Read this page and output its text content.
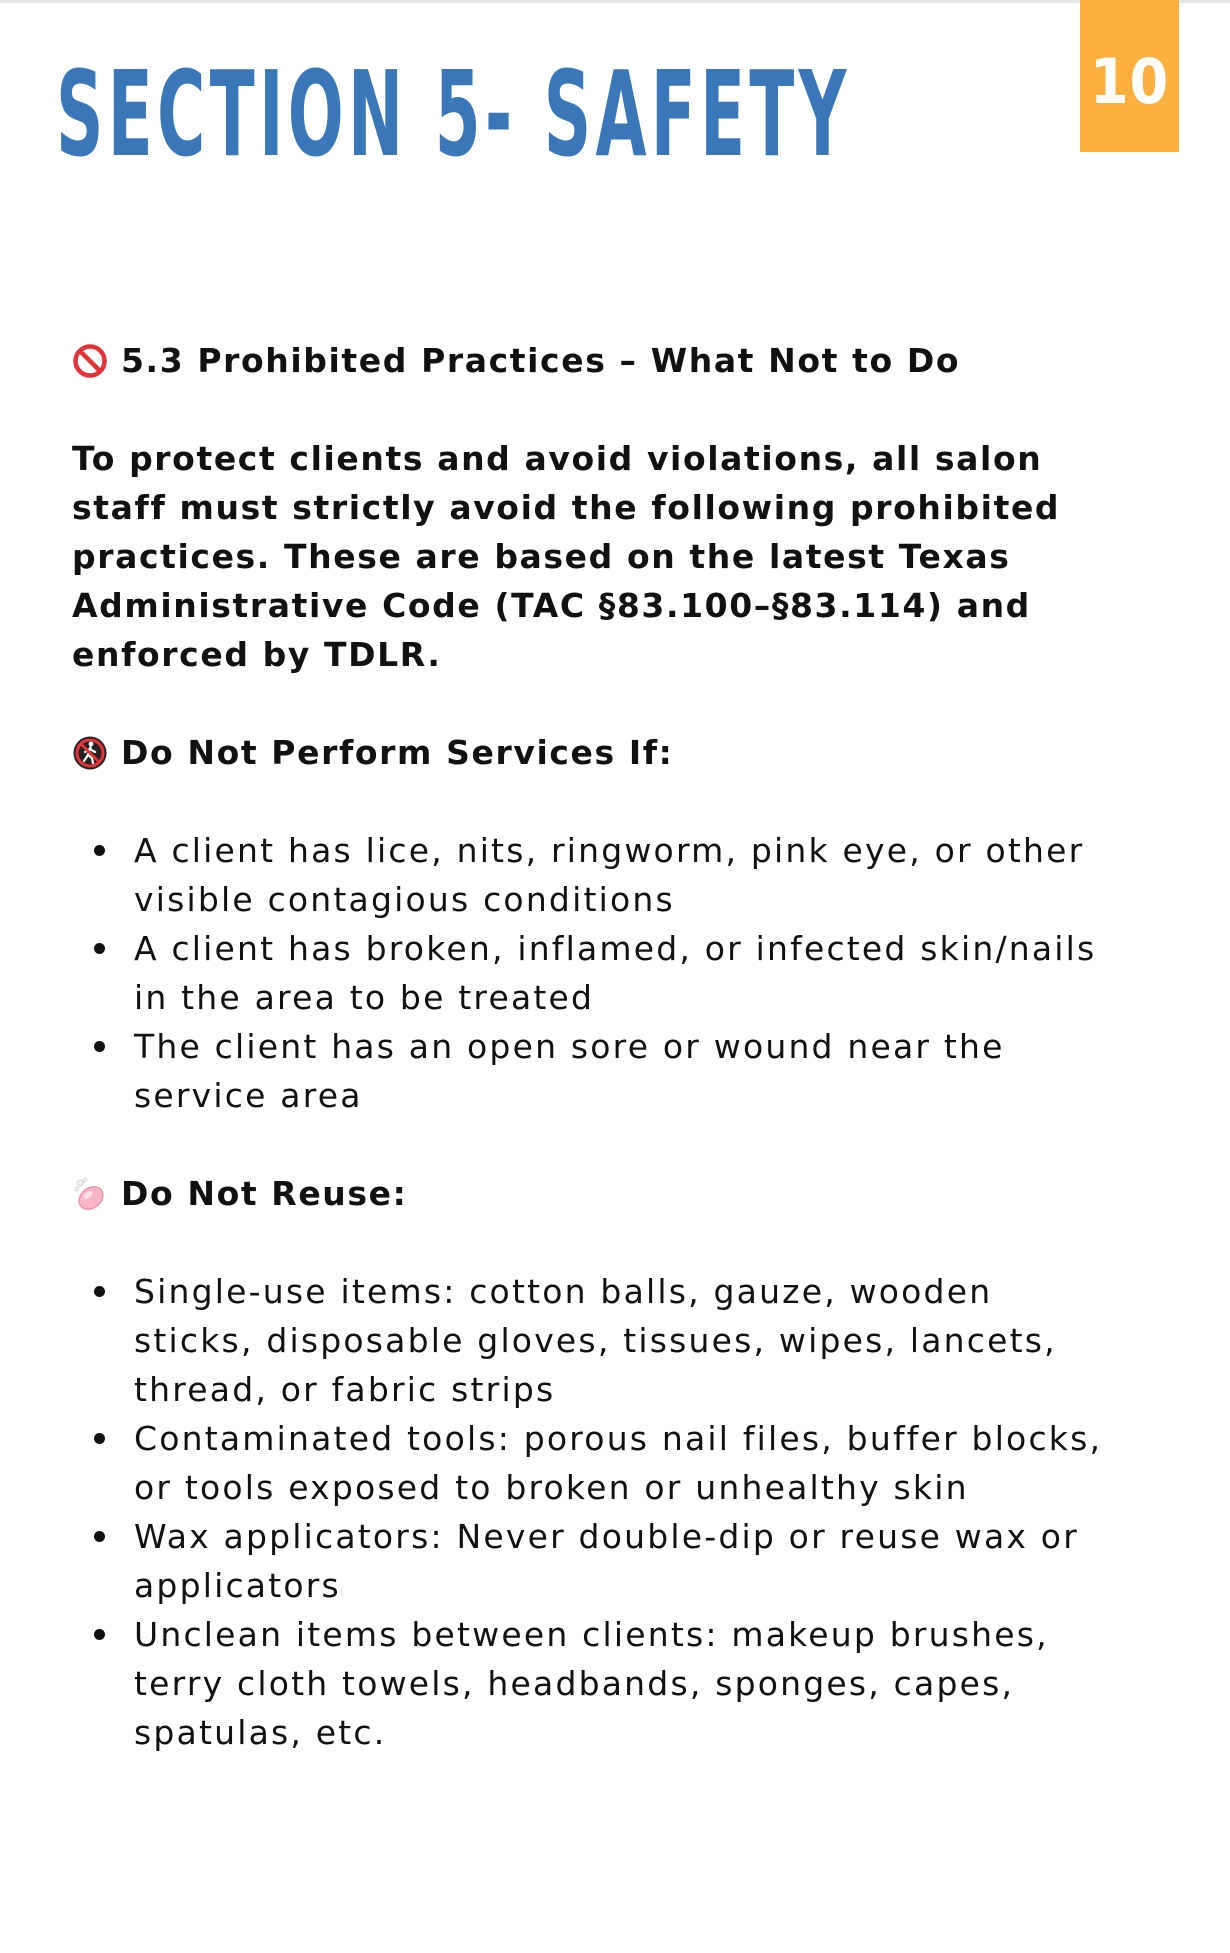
SECTION 5- SAFETY	10
5.3 Prohibited Practices – What Not to Do

To protect clients and avoid violations, all salon staff must strictly avoid the following prohibited practices. These are based on the latest Texas Administrative Code (TAC §83.100–§83.114) and enforced by TDLR.

Do Not Perform Services If:
A client has lice, nits, ringworm, pink eye, or other visible contagious conditions
A client has broken, inflamed, or infected skin/nails in the area to be treated
The client has an open sore or wound near the service area
Do Not Reuse:
Single-use items: cotton balls, gauze, wooden sticks, disposable gloves, tissues, wipes, lancets, thread, or fabric strips
Contaminated tools: porous nail files, buffer blocks, or tools exposed to broken or unhealthy skin
Wax applicators: Never double-dip or reuse wax or applicators
Unclean items between clients: makeup brushes, terry cloth towels, headbands, sponges, capes, spatulas, etc.
